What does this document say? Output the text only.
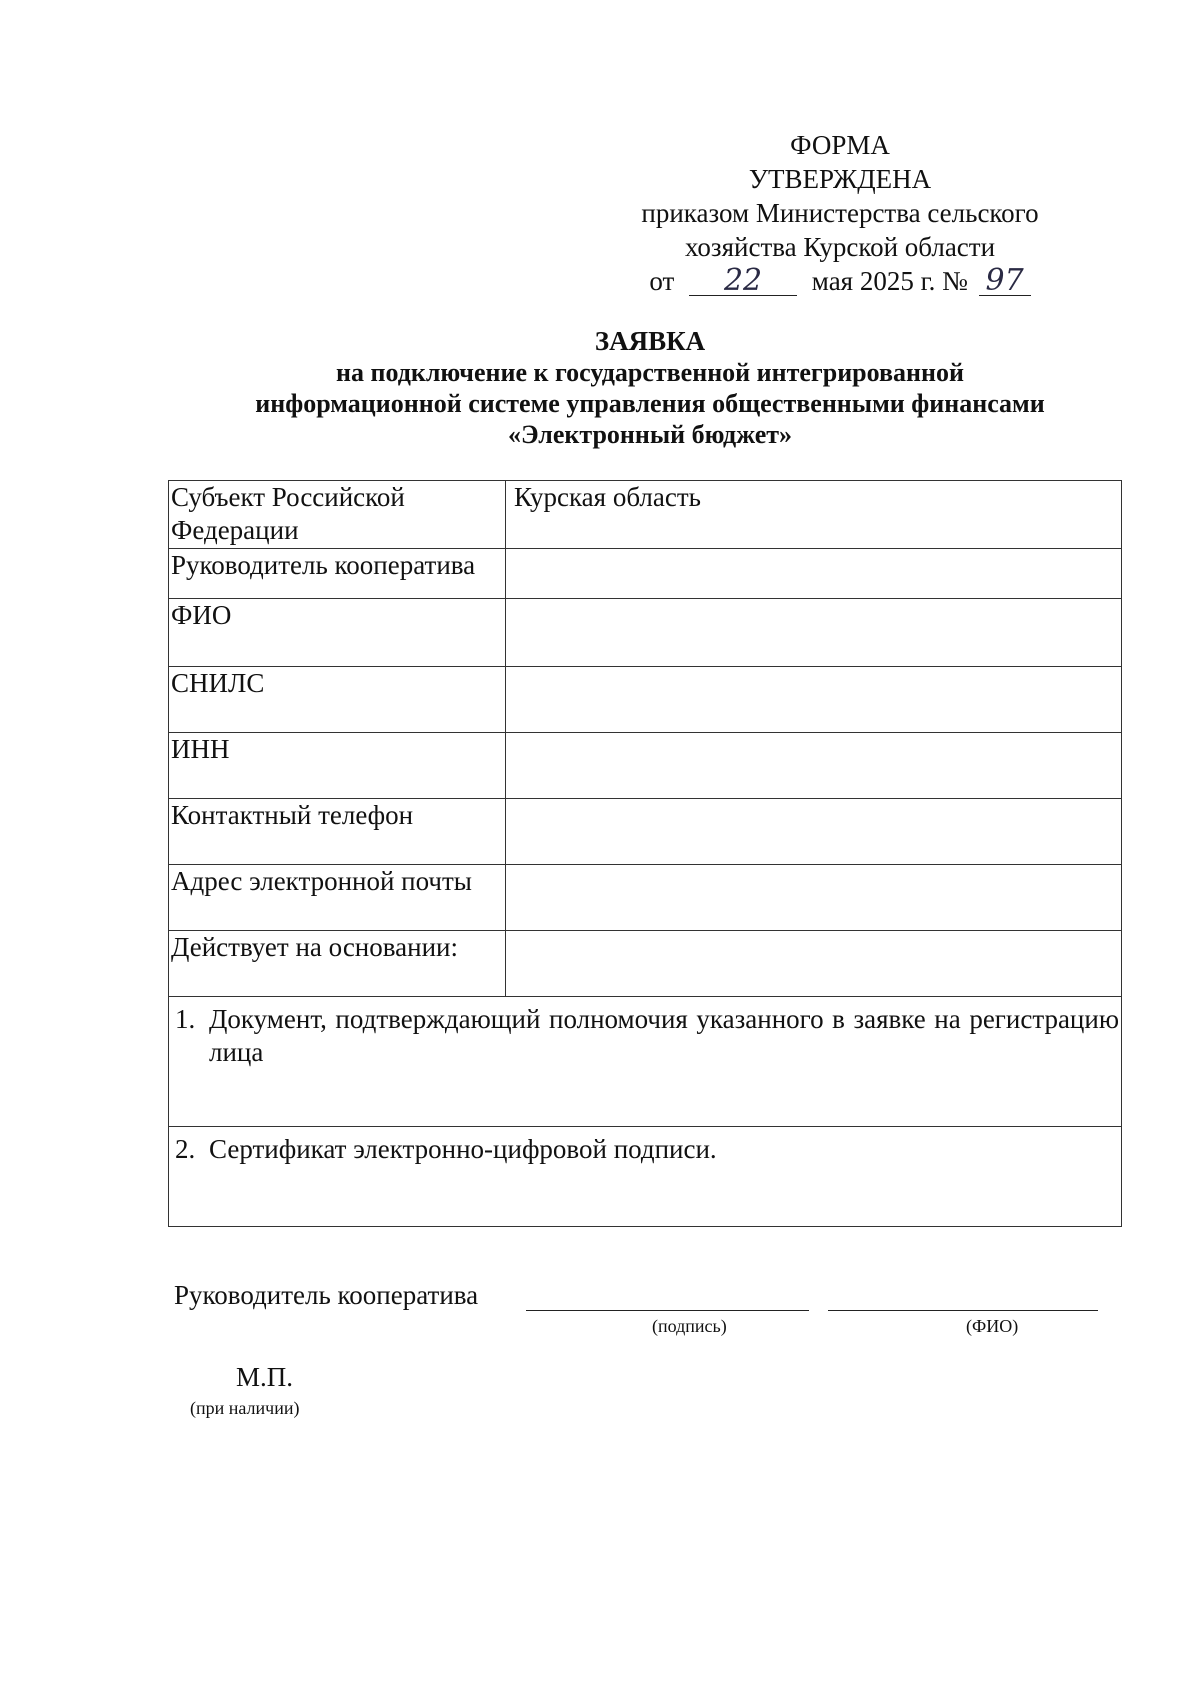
ФОРМА
УТВЕРЖДЕНА
приказом Министерства сельского
хозяйства Курской области
от 22 мая 2025 г. № 97
ЗАЯВКА
на подключение к государственной интегрированной
информационной системе управления общественными финансами
«Электронный бюджет»
Субъект Российской Федерации	Курская область
Руководитель кооператива	
ФИО	
СНИЛС	
ИНН	
Контактный телефон	
Адрес электронной почты	
Действует на основании:	

1. Документ, подтверждающий полномочия указанного в заявке на регистрацию лица	

2. Сертификат электронно-цифровой подписи.	
Руководитель кооператива
(подпись)	(ФИО)
М.П.
(при наличии)
